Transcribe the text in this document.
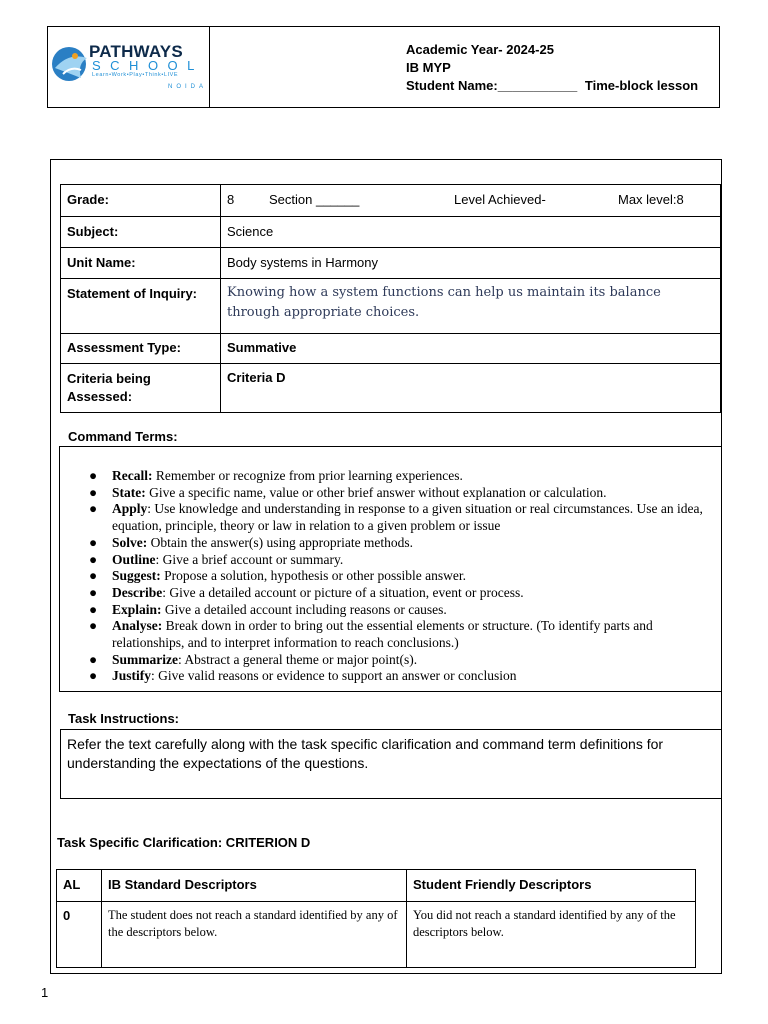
PATHWAYS
SCHOOL
Learn•Work•Play•Think•LIVE
NOIDA
Academic Year- 2024-25
IB MYP
Student Name:___________ Time-block lesson
Grade:	8 Section ______ Level Achieved- Max level:8

Subject:	Science
Unit Name:	Body systems in Harmony
Statement of Inquiry:	Knowing how a system functions can help us maintain its balance through appropriate choices.

Assessment Type:	Summative
Criteria being Assessed:	Criteria D
Command Terms:
● Recall: Remember or recognize from prior learning experiences.
● State: Give a specific name, value or other brief answer without explanation or calculation.
● Apply: Use knowledge and understanding in response to a given situation or real circumstances. Use an idea, equation, principle, theory or law in relation to a given problem or issue
● Solve: Obtain the answer(s) using appropriate methods.
● Outline: Give a brief account or summary.
● Suggest: Propose a solution, hypothesis or other possible answer.
● Describe: Give a detailed account or picture of a situation, event or process.
● Explain: Give a detailed account including reasons or causes.
● Analyse: Break down in order to bring out the essential elements or structure. (To identify parts and relationships, and to interpret information to reach conclusions.)
● Summarize: Abstract a general theme or major point(s).
● Justify: Give valid reasons or evidence to support an answer or conclusion
Task Instructions:
Refer the text carefully along with the task specific clarification and command term definitions for understanding the expectations of the questions.
Task Specific Clarification: CRITERION D
AL	IB Standard Descriptors	Student Friendly Descriptors
0	The student does not reach a standard identified by any of the descriptors below.	You did not reach a standard identified by any of the descriptors below.
1
